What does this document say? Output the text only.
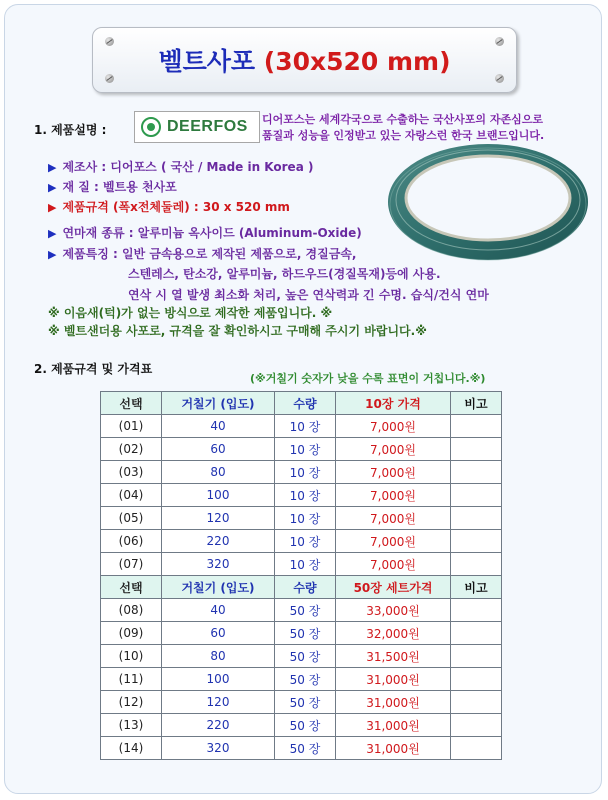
벨트사포 (30x520 mm)
1. 제품설명 :	DEERFOS 디어포스는 세계각국으로 수출하는 국산사포의 자존심으로
품질과 성능을 인정받고 있는 자랑스런 한국 브랜드입니다.
▶ 제조사 : 디어포스 ( 국산 / Made in Korea )
▶ 재 질 : 벨트용 천사포
▶ 제품규격 (폭x전체둘레) : 30 x 520 mm
▶ 연마재 종류 : 알루미늄 옥사이드 (Aluminum-Oxide)
▶ 제품특징 : 일반 금속용으로 제작된 제품으로, 경질금속,
스텐레스, 탄소강, 알루미늄, 하드우드(경질목재)등에 사용.
연삭 시 열 발생 최소화 처리, 높은 연삭력과 긴 수명. 습식/건식 연마
※ 이음새(턱)가 없는 방식으로 제작한 제품입니다. ※
※ 벨트샌더용 사포로, 규격을 잘 확인하시고 구매해 주시기 바랍니다.※
2. 제품규격 및 가격표
(※거칠기 숫자가 낮을 수록 표면이 거칩니다.※)
선택	거칠기 (입도)	수량	10장 가격	비고
(01)	40	10 장	7,000원	
(02)	60	10 장	7,000원	
(03)	80	10 장	7,000원	
(04)	100	10 장	7,000원	
(05)	120	10 장	7,000원	
(06)	220	10 장	7,000원	
(07)	320	10 장	7,000원	
선택	거칠기 (입도)	수량	50장 세트가격	비고
(08)	40	50 장	33,000원	
(09)	60	50 장	32,000원	
(10)	80	50 장	31,500원	
(11)	100	50 장	31,000원	
(12)	120	50 장	31,000원	
(13)	220	50 장	31,000원	
(14)	320	50 장	31,000원	
